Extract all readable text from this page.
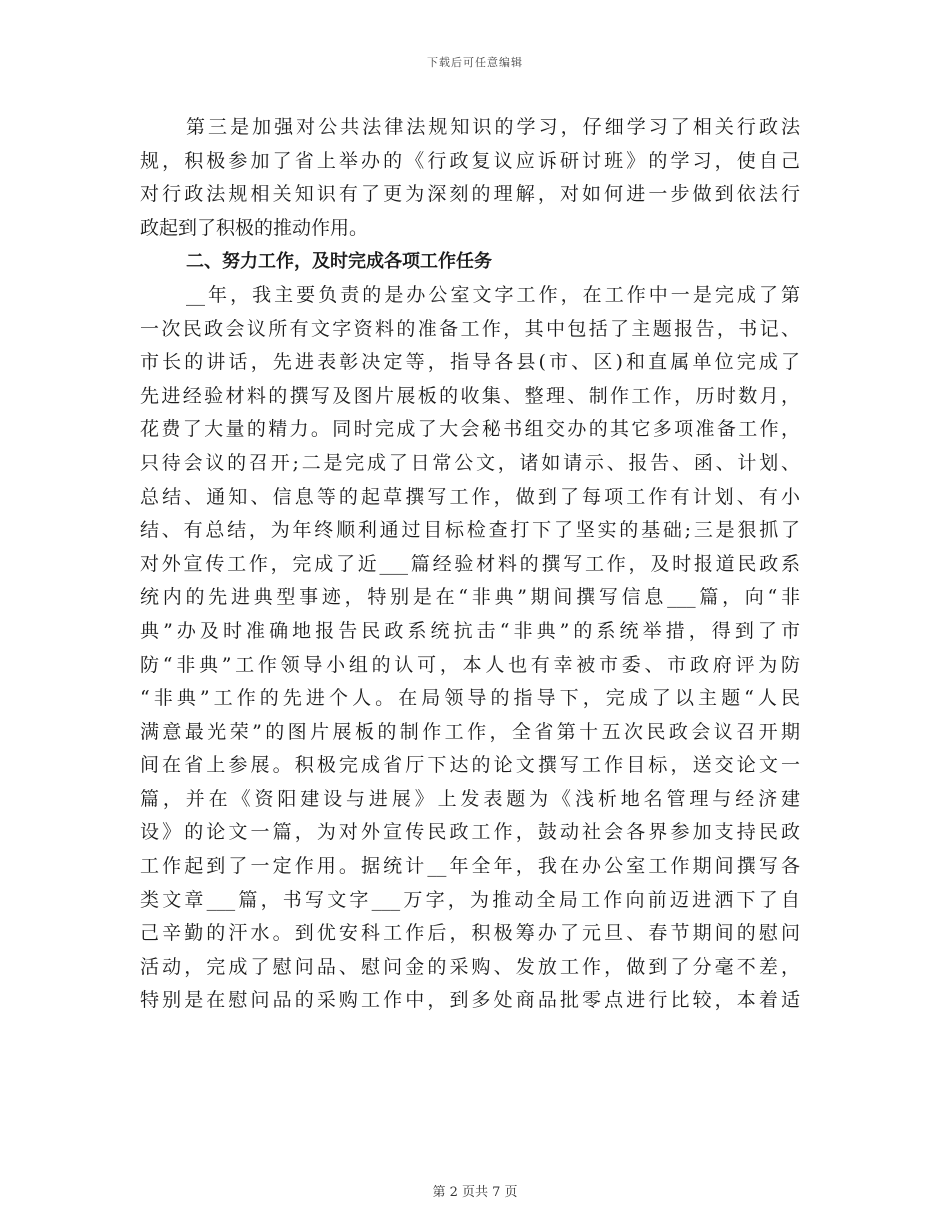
下载后可任意编辑
第三是加强对公共法律法规知识的学习，仔细学习了相关行政法
规，积极参加了省上举办的《行政复议应诉研讨班》的学习，使自己
对行政法规相关知识有了更为深刻的理解，对如何进一步做到依法行
政起到了积极的推动作用。
二、努力工作，及时完成各项工作任务
__年，我主要负责的是办公室文字工作，在工作中一是完成了第
一次民政会议所有文字资料的准备工作，其中包括了主题报告，书记、
市长的讲话，先进表彰决定等，指导各县(市、区)和直属单位完成了
先进经验材料的撰写及图片展板的收集、整理、制作工作，历时数月，
花费了大量的精力。同时完成了大会秘书组交办的其它多项准备工作，
只待会议的召开;二是完成了日常公文，诸如请示、报告、函、计划、
总结、通知、信息等的起草撰写工作，做到了每项工作有计划、有小
结、有总结，为年终顺利通过目标检查打下了坚实的基础;三是狠抓了
对外宣传工作，完成了近___篇经验材料的撰写工作，及时报道民政系
统内的先进典型事迹，特别是在“非典”期间撰写信息___篇，向“非
典”办及时准确地报告民政系统抗击“非典”的系统举措，得到了市
防“非典”工作领导小组的认可，本人也有幸被市委、市政府评为防
“非典”工作的先进个人。在局领导的指导下，完成了以主题“人民
满意最光荣”的图片展板的制作工作，全省第十五次民政会议召开期
间在省上参展。积极完成省厅下达的论文撰写工作目标，送交论文一
篇，并在《资阳建设与进展》上发表题为《浅析地名管理与经济建
设》的论文一篇，为对外宣传民政工作，鼓动社会各界参加支持民政
工作起到了一定作用。据统计__年全年，我在办公室工作期间撰写各
类文章___篇，书写文字___万字，为推动全局工作向前迈进洒下了自
己辛勤的汗水。到优安科工作后，积极筹办了元旦、春节期间的慰问
活动，完成了慰问品、慰问金的采购、发放工作，做到了分毫不差，
特别是在慰问品的采购工作中，到多处商品批零点进行比较，本着适
第 2 页共 7 页
